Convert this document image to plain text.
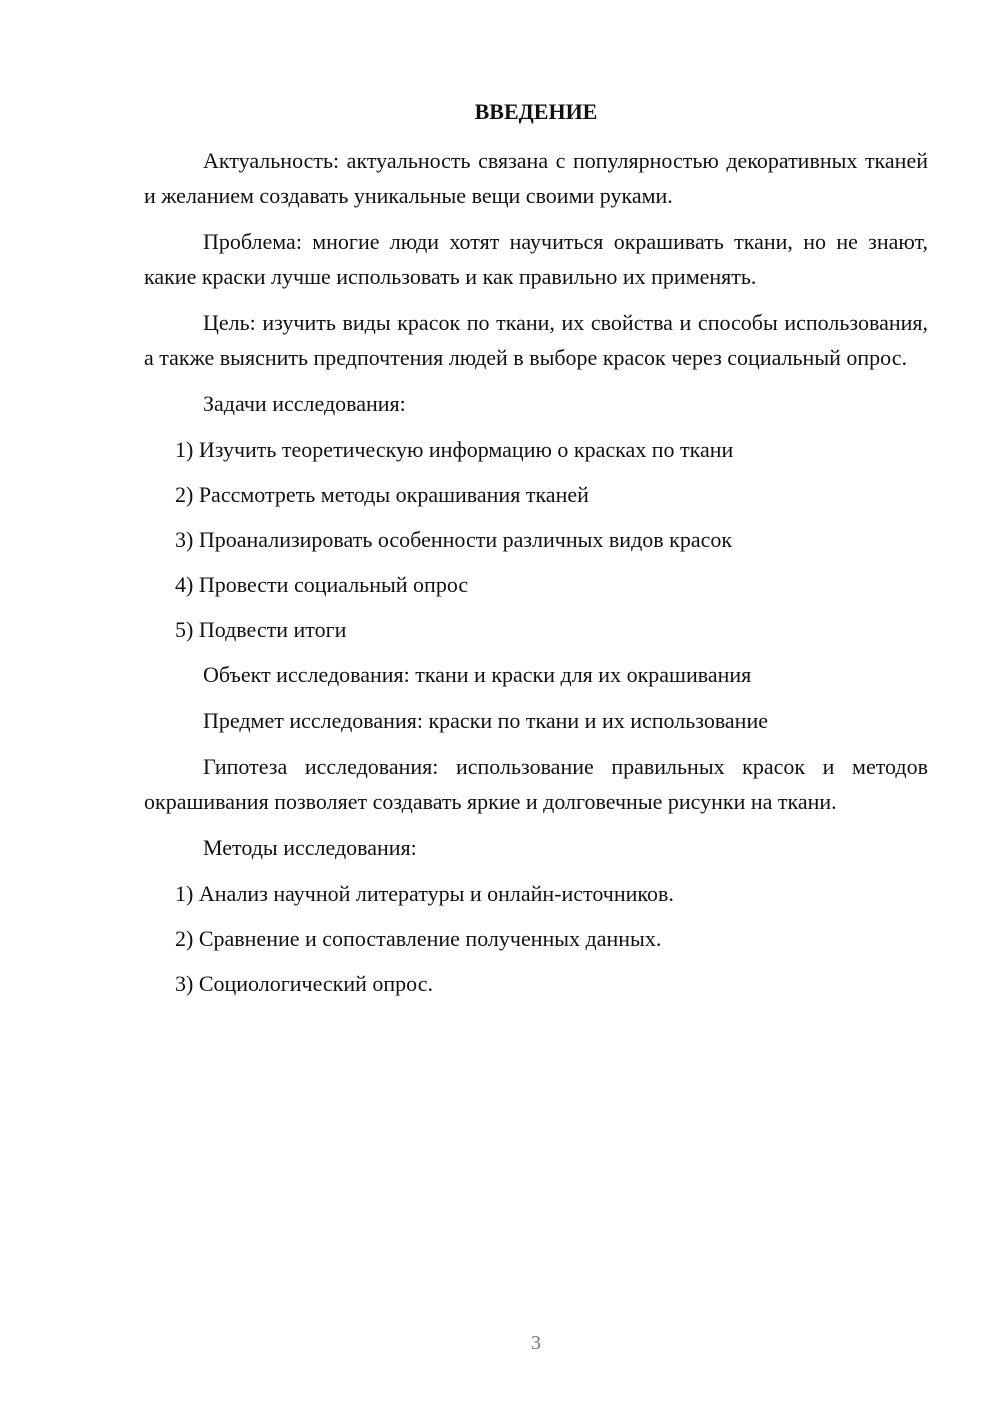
ВВЕДЕНИЕ

Актуальность: актуальность связана с популярностью декоративных тканей и желанием создавать уникальные вещи своими руками.

Проблема: многие люди хотят научиться окрашивать ткани, но не знают, какие краски лучше использовать и как правильно их применять.

Цель: изучить виды красок по ткани, их свойства и способы использования, а также выяснить предпочтения людей в выборе красок через социальный опрос.

Задачи исследования:

1) Изучить теоретическую информацию о красках по ткани

2) Рассмотреть методы окрашивания тканей

3) Проанализировать особенности различных видов красок

4) Провести социальный опрос

5) Подвести итоги

Объект исследования: ткани и краски для их окрашивания

Предмет исследования: краски по ткани и их использование

Гипотеза исследования: использование правильных красок и методов окрашивания позволяет создавать яркие и долговечные рисунки на ткани.

Методы исследования:

1) Анализ научной литературы и онлайн-источников.

2) Сравнение и сопоставление полученных данных.

3) Социологический опрос.

3
